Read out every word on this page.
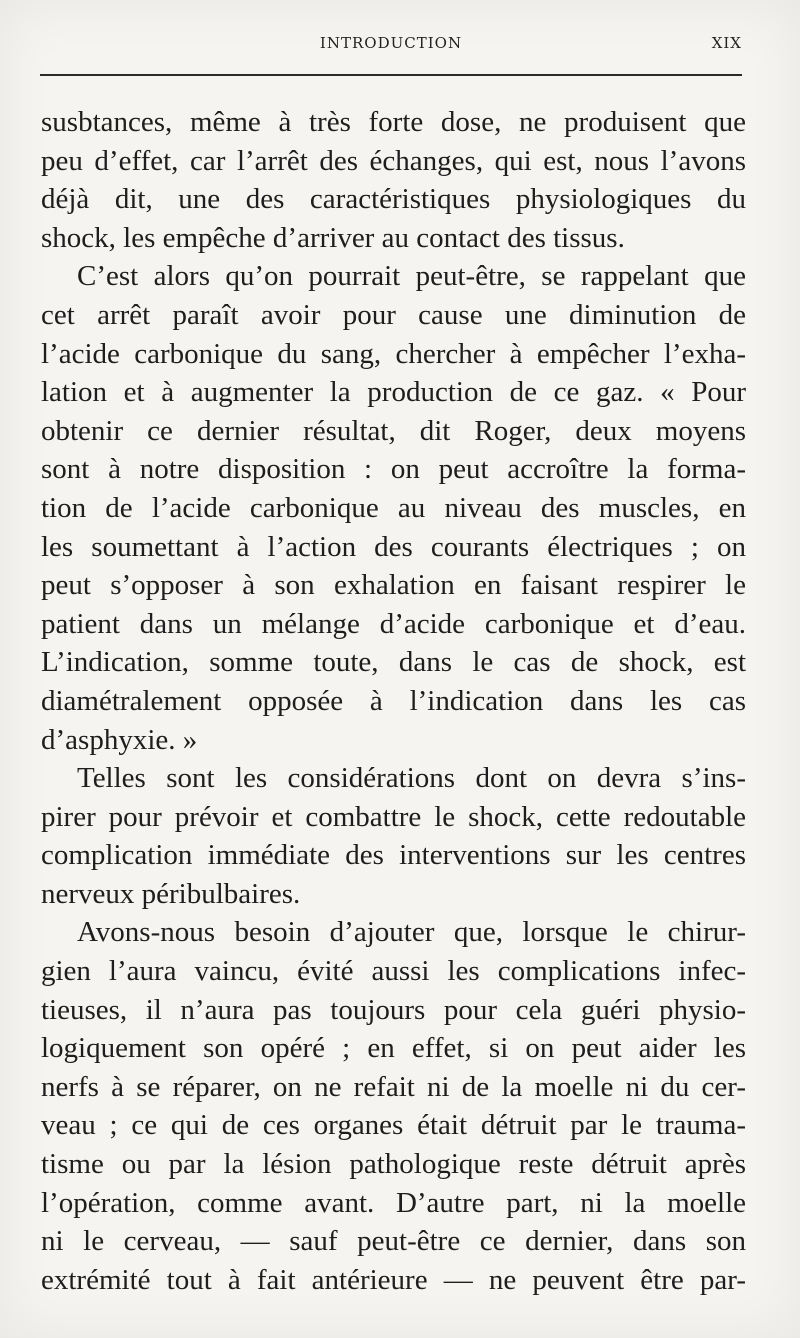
INTRODUCTION	XIX
susbtances, même à très forte dose, ne produisent que
peu d’effet, car l’arrêt des échanges, qui est, nous l’avons
déjà dit, une des caractéristiques physiologiques du
shock, les empêche d’arriver au contact des tissus.
C’est alors qu’on pourrait peut-être, se rappelant que
cet arrêt paraît avoir pour cause une diminution de
l’acide carbonique du sang, chercher à empêcher l’exha-
lation et à augmenter la production de ce gaz. « Pour
obtenir ce dernier résultat, dit Roger, deux moyens
sont à notre disposition : on peut accroître la forma-
tion de l’acide carbonique au niveau des muscles, en
les soumettant à l’action des courants électriques ; on
peut s’opposer à son exhalation en faisant respirer le
patient dans un mélange d’acide carbonique et d’eau.
L’indication, somme toute, dans le cas de shock, est
diamétralement opposée à l’indication dans les cas
d’asphyxie. »
Telles sont les considérations dont on devra s’ins-
pirer pour prévoir et combattre le shock, cette redoutable
complication immédiate des interventions sur les centres
nerveux péribulbaires.
Avons-nous besoin d’ajouter que, lorsque le chirur-
gien l’aura vaincu, évité aussi les complications infec-
tieuses, il n’aura pas toujours pour cela guéri physio-
logiquement son opéré ; en effet, si on peut aider les
nerfs à se réparer, on ne refait ni de la moelle ni du cer-
veau ; ce qui de ces organes était détruit par le trauma-
tisme ou par la lésion pathologique reste détruit après
l’opération, comme avant. D’autre part, ni la moelle
ni le cerveau, — sauf peut-être ce dernier, dans son
extrémité tout à fait antérieure — ne peuvent être par-
